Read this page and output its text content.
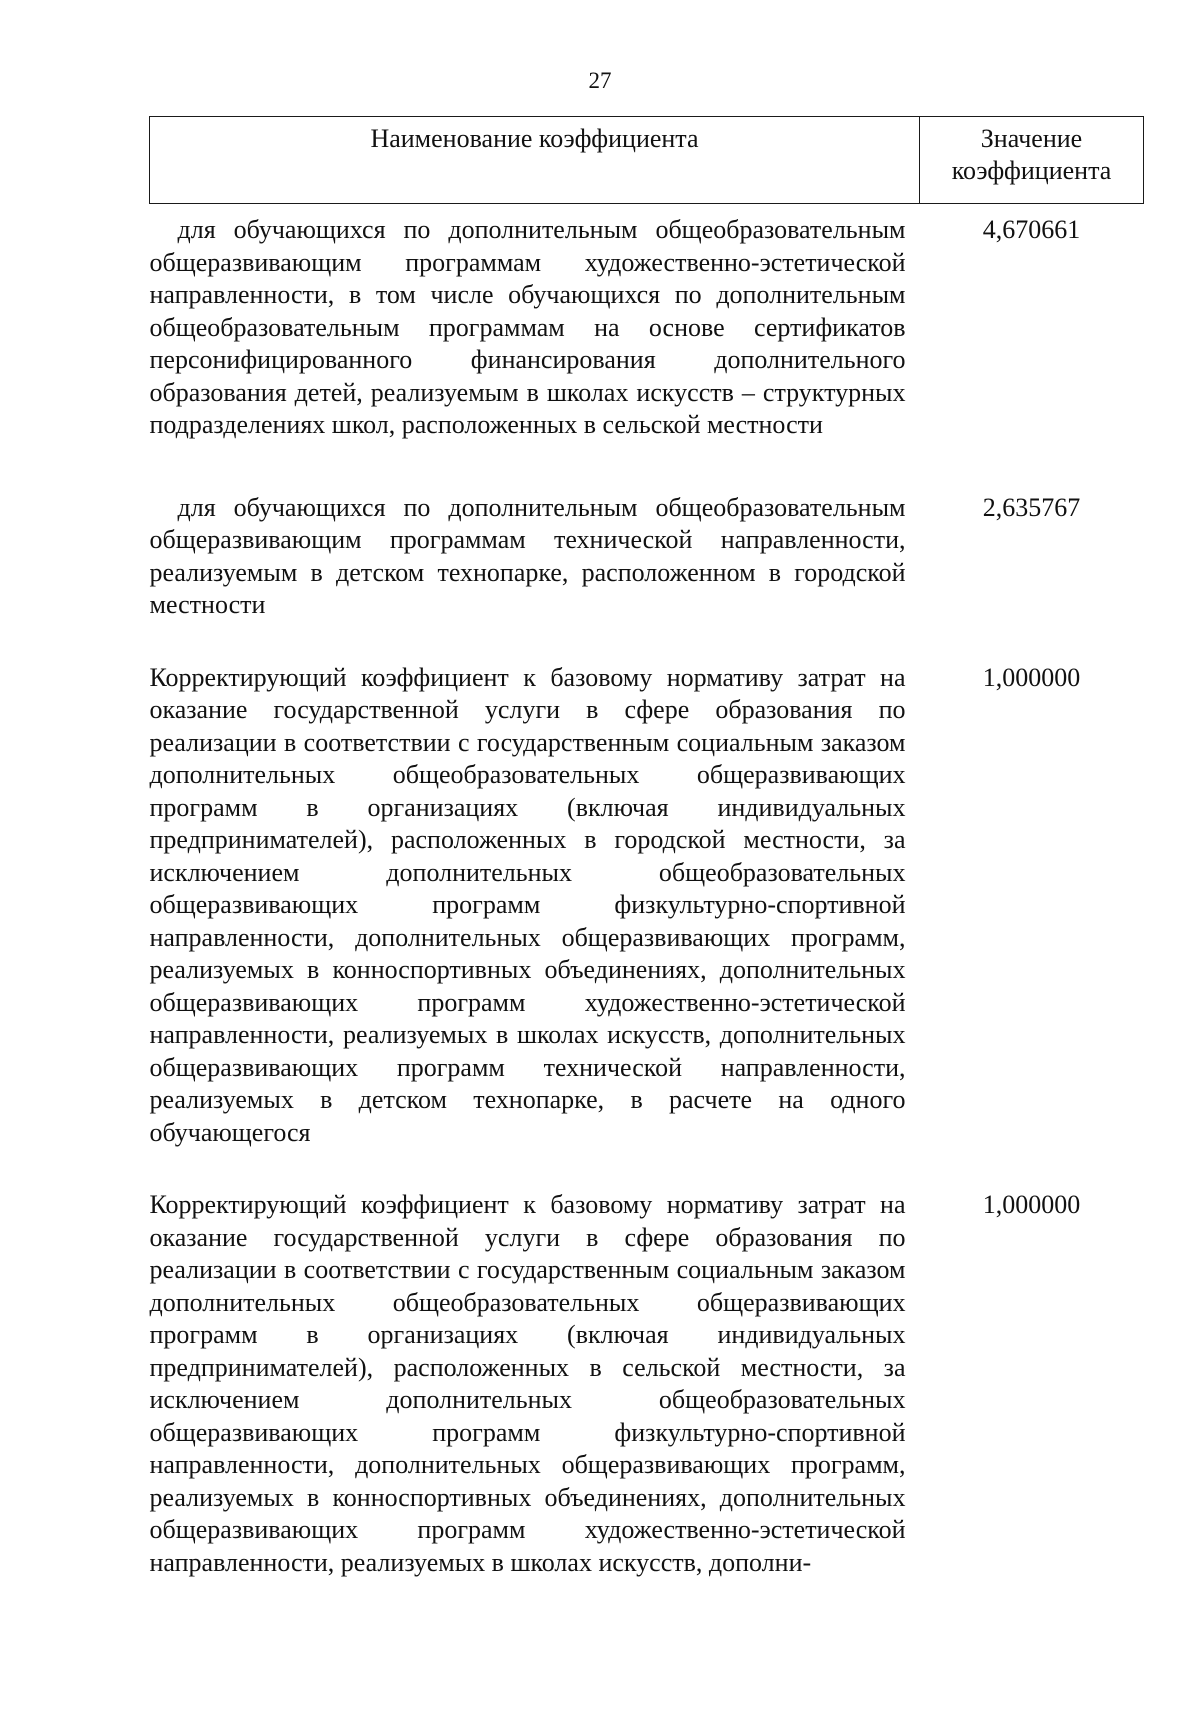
27
Наименование коэффициента	Значение коэффициента

для обучающихся по дополнительным общеобразовательным общеразвивающим программам художественно-эстетической направленности, в том числе обучающихся по дополнительным общеобразовательным программам на основе сертификатов персонифицированного финансирования дополнительного образования детей, реализуемым в школах искусств – структурных подразделениях школ, расположенных в сельской местности	4,670661

для обучающихся по дополнительным общеобразовательным общеразвивающим программам технической направленности, реализуемым в детском технопарке, расположенном в городской местности	2,635767

Корректирующий коэффициент к базовому нормативу затрат на оказание государственной услуги в сфере образования по реализации в соответствии с государственным социальным заказом дополнительных общеобразовательных общеразвивающих программ в организациях (включая индивидуальных предпринимателей), расположенных в городской местности, за исключением дополнительных общеобразовательных общеразвивающих программ физкультурно-спортивной направленности, дополнительных общеразвивающих программ, реализуемых в конноспортивных объединениях, дополнительных общеразвивающих программ художественно-эстетической направленности, реализуемых в школах искусств, дополнительных общеразвивающих программ технической направленности, реализуемых в детском технопарке, в расчете на одного обучающегося	1,000000

Корректирующий коэффициент к базовому нормативу затрат на оказание государственной услуги в сфере образования по реализации в соответствии с государственным социальным заказом дополнительных общеобразовательных общеразвивающих программ в организациях (включая индивидуальных предпринимателей), расположенных в сельской местности, за исключением дополнительных общеобразовательных общеразвивающих программ физкультурно-спортивной направленности, дополнительных общеразвивающих программ, реализуемых в конноспортивных объединениях, дополнительных общеразвивающих программ художественно-эстетической направленности, реализуемых в школах искусств, дополни-	1,000000
